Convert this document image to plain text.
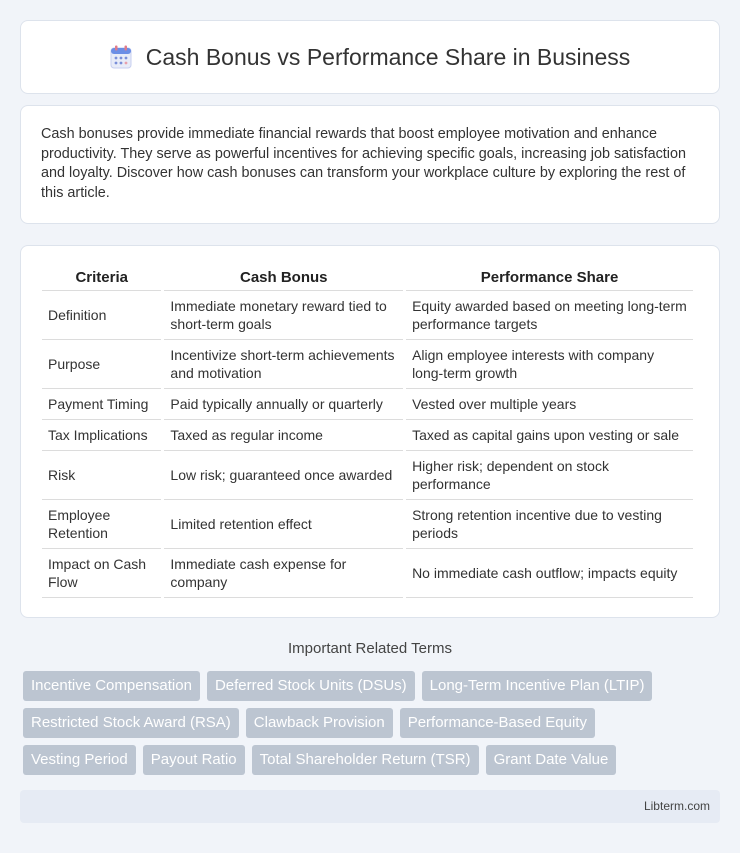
Cash Bonus vs Performance Share in Business

Cash bonuses provide immediate financial rewards that boost employee motivation and enhance productivity. They serve as powerful incentives for achieving specific goals, increasing job satisfaction and loyalty. Discover how cash bonuses can transform your workplace culture by exploring the rest of this article.

Criteria	Cash Bonus	Performance Share
Definition	Immediate monetary reward tied to short-term goals	Equity awarded based on meeting long-term performance targets
Purpose	Incentivize short-term achievements and motivation	Align employee interests with company long-term growth
Payment Timing	Paid typically annually or quarterly	Vested over multiple years
Tax Implications	Taxed as regular income	Taxed as capital gains upon vesting or sale
Risk	Low risk; guaranteed once awarded	Higher risk; dependent on stock performance
Employee Retention	Limited retention effect	Strong retention incentive due to vesting periods
Impact on Cash Flow	Immediate cash expense for company	No immediate cash outflow; impacts equity
Important Related Terms
Incentive Compensation	Deferred Stock Units (DSUs)	Long-Term Incentive Plan (LTIP)
Restricted Stock Award (RSA)	Clawback Provision	Performance-Based Equity
Vesting Period	Payout Ratio	Total Shareholder Return (TSR)	Grant Date Value
Libterm.com
